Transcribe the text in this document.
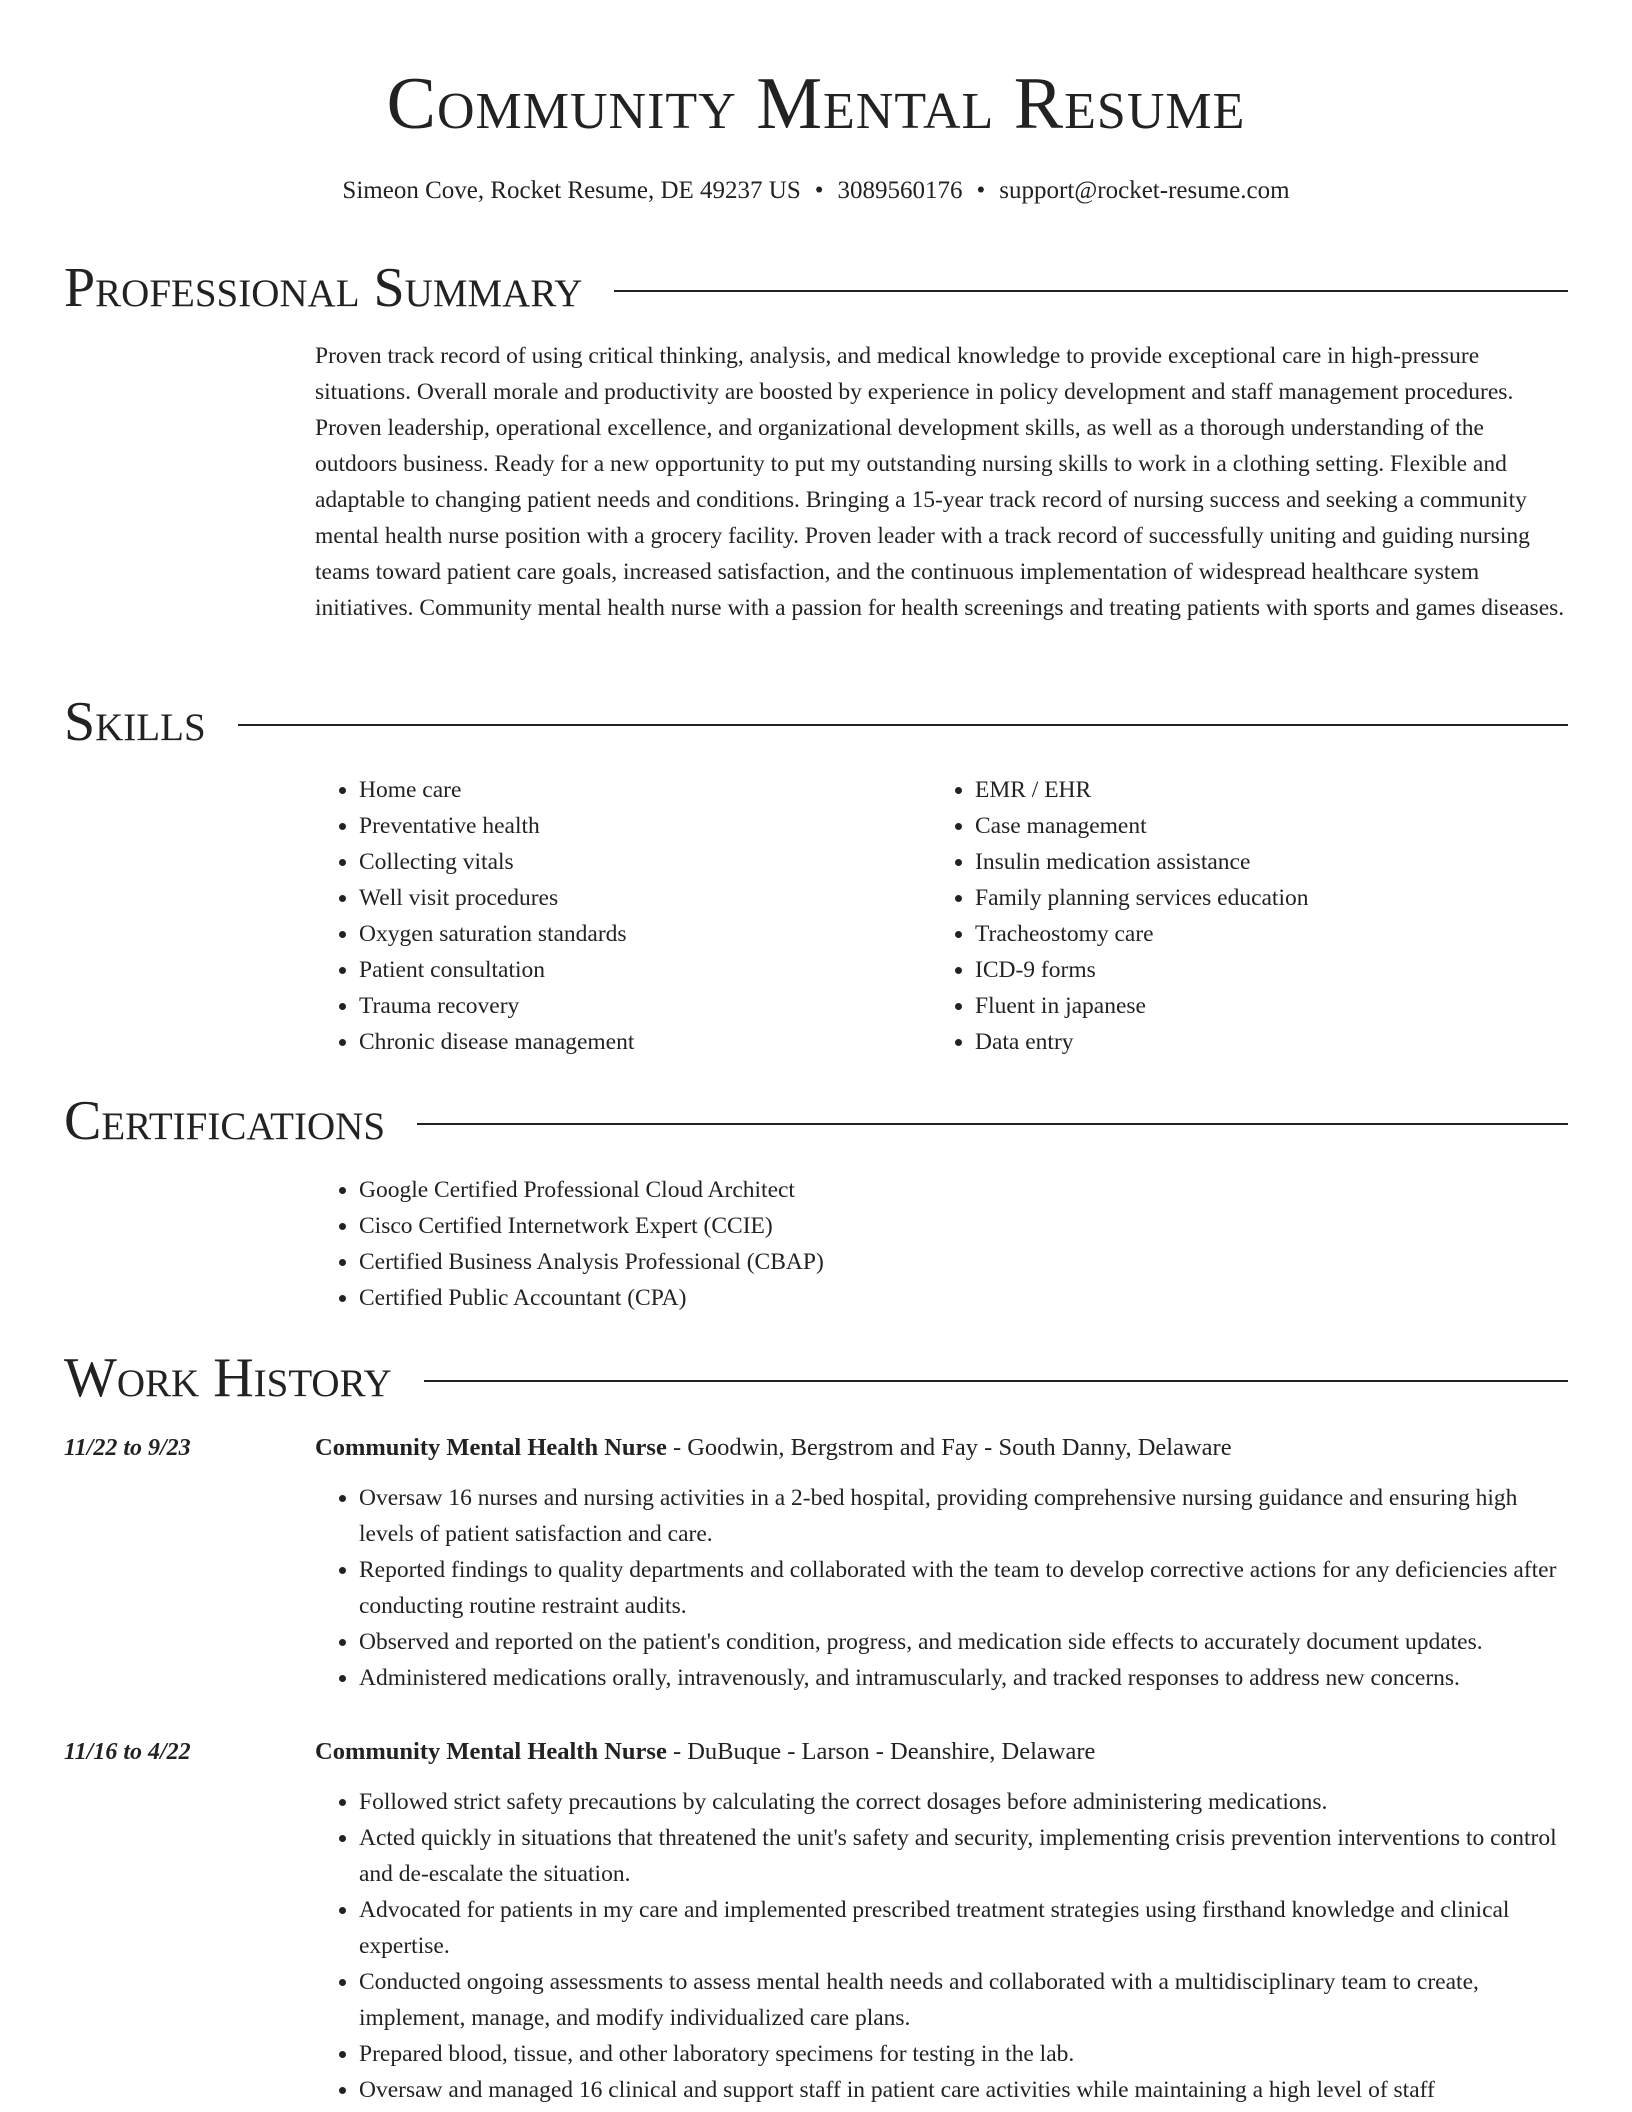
Community Mental Resume
Simeon Cove, Rocket Resume, DE 49237 US • 3089560176 • support@rocket-resume.com
Professional Summary

Proven track record of using critical thinking, analysis, and medical knowledge to provide exceptional care in high-pressure situations. Overall morale and productivity are boosted by experience in policy development and staff management procedures. Proven leadership, operational excellence, and organizational development skills, as well as a thorough understanding of the outdoors business. Ready for a new opportunity to put my outstanding nursing skills to work in a clothing setting. Flexible and adaptable to changing patient needs and conditions. Bringing a 15-year track record of nursing success and seeking a community mental health nurse position with a grocery facility. Proven leader with a track record of successfully uniting and guiding nursing teams toward patient care goals, increased satisfaction, and the continuous implementation of widespread healthcare system initiatives. Community mental health nurse with a passion for health screenings and treating patients with sports and games diseases.

Skills
• Home care
• Preventative health
• Collecting vitals
• Well visit procedures
• Oxygen saturation standards
• Patient consultation
• Trauma recovery
• Chronic disease management
• EMR / EHR
• Case management
• Insulin medication assistance
• Family planning services education
• Tracheostomy care
• ICD-9 forms
• Fluent in japanese
• Data entry
Certifications
• Google Certified Professional Cloud Architect
• Cisco Certified Internetwork Expert (CCIE)
• Certified Business Analysis Professional (CBAP)
• Certified Public Accountant (CPA)
Work History
11/22 to 9/23	Community Mental Health Nurse - Goodwin, Bergstrom and Fay - South Danny, Delaware
• Oversaw 16 nurses and nursing activities in a 2-bed hospital, providing comprehensive nursing guidance and ensuring high levels of patient satisfaction and care.
• Reported findings to quality departments and collaborated with the team to develop corrective actions for any deficiencies after conducting routine restraint audits.
• Observed and reported on the patient's condition, progress, and medication side effects to accurately document updates.
• Administered medications orally, intravenously, and intramuscularly, and tracked responses to address new concerns.
11/16 to 4/22	Community Mental Health Nurse - DuBuque - Larson - Deanshire, Delaware
• Followed strict safety precautions by calculating the correct dosages before administering medications.
• Acted quickly in situations that threatened the unit's safety and security, implementing crisis prevention interventions to control and de-escalate the situation.
• Advocated for patients in my care and implemented prescribed treatment strategies using firsthand knowledge and clinical expertise.
• Conducted ongoing assessments to assess mental health needs and collaborated with a multidisciplinary team to create, implement, manage, and modify individualized care plans.
• Prepared blood, tissue, and other laboratory specimens for testing in the lab.
• Oversaw and managed 16 clinical and support staff in patient care activities while maintaining a high level of staff
